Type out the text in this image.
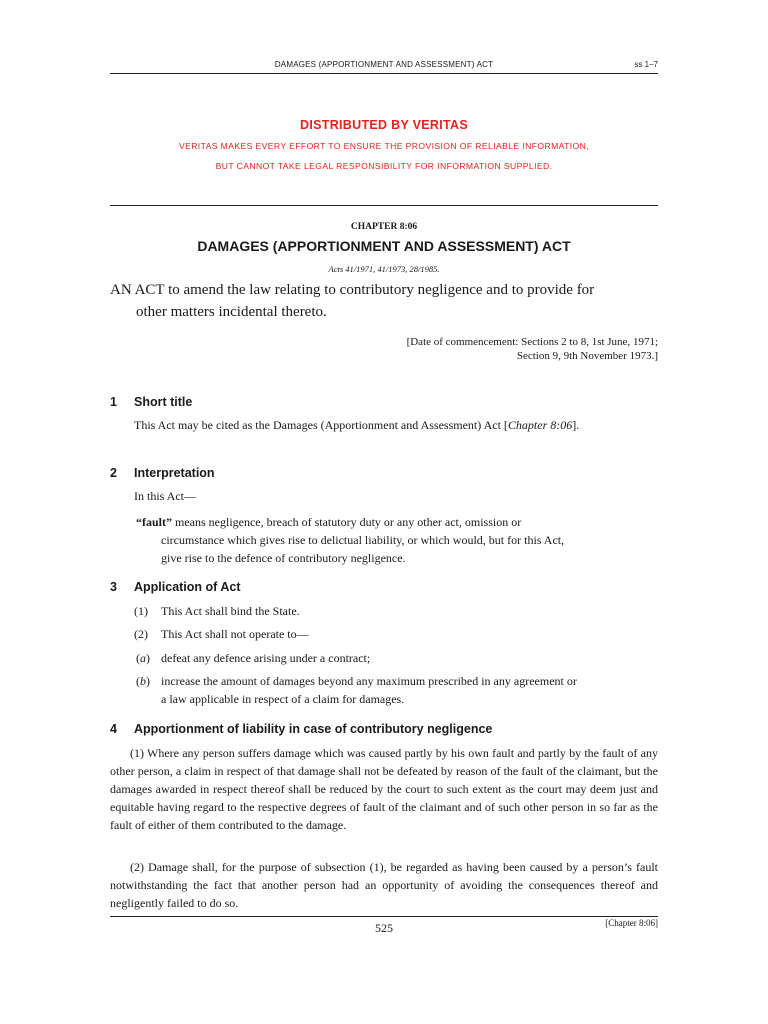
DAMAGES (APPORTIONMENT AND ASSESSMENT) ACT	ss 1–7
DISTRIBUTED BY VERITAS
VERITAS MAKES EVERY EFFORT TO ENSURE THE PROVISION OF RELIABLE INFORMATION,
BUT CANNOT TAKE LEGAL RESPONSIBILITY FOR INFORMATION SUPPLIED.
CHAPTER 8:06
DAMAGES (APPORTIONMENT AND ASSESSMENT) ACT
Acts 41/1971, 41/1973, 28/1985.
AN ACT to amend the law relating to contributory negligence and to provide for
other matters incidental thereto.
[Date of commencement: Sections 2 to 8, 1st June, 1971;
Section 9, 9th November 1973.]
1 Short title
This Act may be cited as the Damages (Apportionment and Assessment) Act [Chapter 8:06].
2 Interpretation
In this Act—
“fault” means negligence, breach of statutory duty or any other act, omission or
circumstance which gives rise to delictual liability, or which would, but for this Act,
give rise to the defence of contributory negligence.
3 Application of Act
(1)	This Act shall bind the State.
(2)	This Act shall not operate to—
(a) defeat any defence arising under a contract;
(b) increase the amount of damages beyond any maximum prescribed in any agreement or
a law applicable in respect of a claim for damages.
4 Apportionment of liability in case of contributory negligence
(1) Where any person suffers damage which was caused partly by his own fault and partly by the fault of any other person, a claim in respect of that damage shall not be defeated by reason of the fault of the claimant, but the damages awarded in respect thereof shall be reduced by the court to such extent as the court may deem just and equitable having regard to the respective degrees of fault of the claimant and of such other person in so far as the fault of either of them contributed to the damage.
(2) Damage shall, for the purpose of subsection (1), be regarded as having been caused by a person’s fault notwithstanding the fact that another person had an opportunity of avoiding the consequences thereof and negligently failed to do so.
525	[Chapter 8:06]
